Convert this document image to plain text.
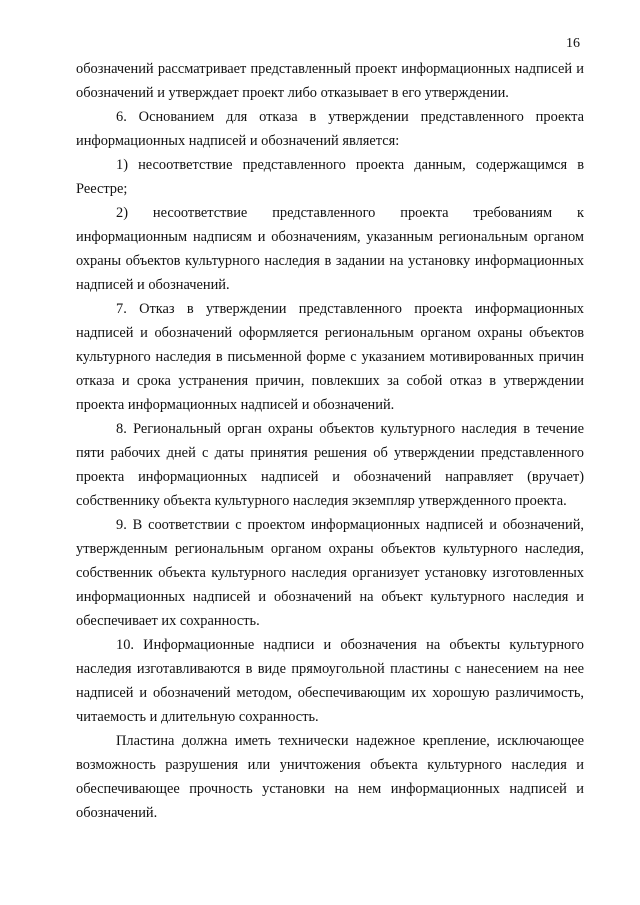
16

обозначений рассматривает представленный проект информационных надписей и обозначений и утверждает проект либо отказывает в его утверждении.

6. Основанием для отказа в утверждении представленного проекта информационных надписей и обозначений является:

1) несоответствие представленного проекта данным, содержащимся в Реестре;

2) несоответствие представленного проекта требованиям к информационным надписям и обозначениям, указанным региональным органом охраны объектов культурного наследия в задании на установку информационных надписей и обозначений.

7. Отказ в утверждении представленного проекта информационных надписей и обозначений оформляется региональным органом охраны объектов культурного наследия в письменной форме с указанием мотивированных причин отказа и срока устранения причин, повлекших за собой отказ в утверждении проекта информационных надписей и обозначений.

8. Региональный орган охраны объектов культурного наследия в течение пяти рабочих дней с даты принятия решения об утверждении представленного проекта информационных надписей и обозначений направляет (вручает) собственнику объекта культурного наследия экземпляр утвержденного проекта.

9. В соответствии с проектом информационных надписей и обозначений, утвержденным региональным органом охраны объектов культурного наследия, собственник объекта культурного наследия организует установку изготовленных информационных надписей и обозначений на объект культурного наследия и обеспечивает их сохранность.

10. Информационные надписи и обозначения на объекты культурного наследия изготавливаются в виде прямоугольной пластины с нанесением на нее надписей и обозначений методом, обеспечивающим их хорошую различимость, читаемость и длительную сохранность.

Пластина должна иметь технически надежное крепление, исключающее возможность разрушения или уничтожения объекта культурного наследия и обеспечивающее прочность установки на нем информационных надписей и обозначений.
